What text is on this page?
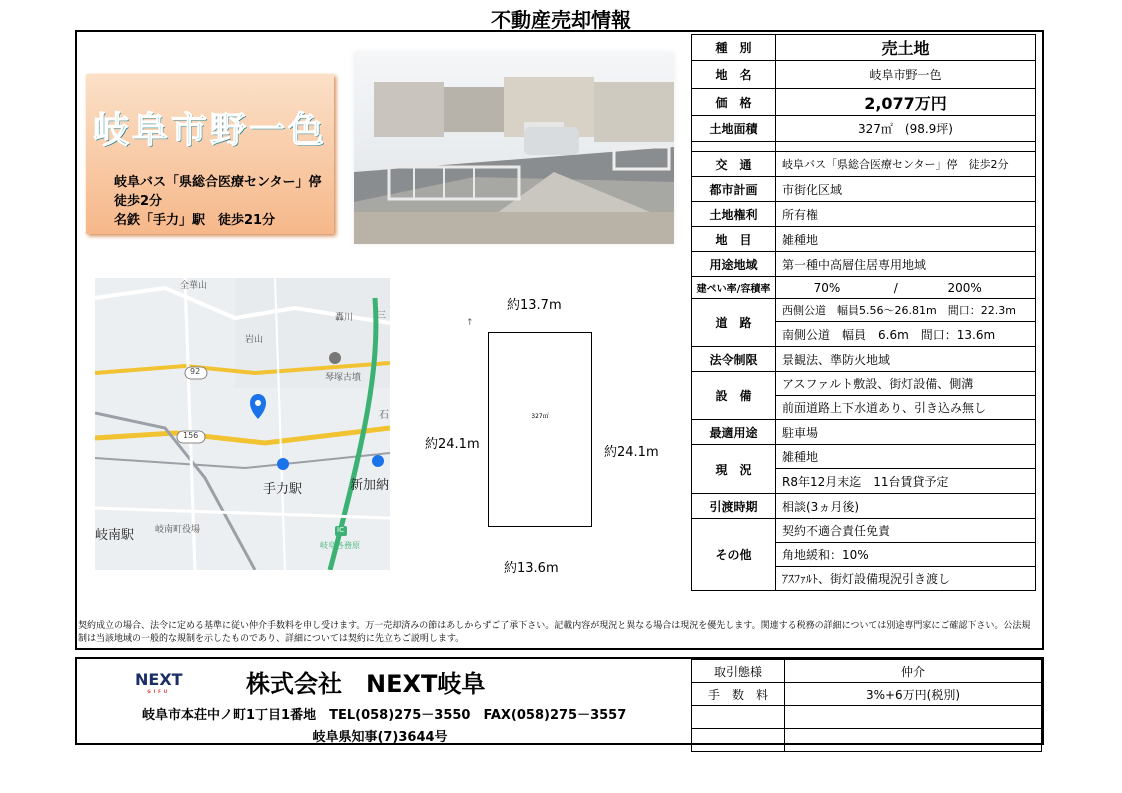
不動産売却情報
岐阜市野一色
岐阜バス「県総合医療センター」停
徒歩2分
名鉄「手力」駅　徒歩21分
全華山
岩山
琴塚古墳
92
156
手力駅	新加納
岐南駅 岐南町役場
岐阜各務原
IC
轟川	三
石
↑
327㎡
約13.7m
約13.6m
約24.1m
約24.1m
種　別	売土地
地　名	岐阜市野一色
価　格	2,077万円
土地面積	327㎡　(98.9坪)

交　通	岐阜バス「県総合医療センター」停　徒歩2分
都市計画	市街化区域
土地権利	所有権
地　目	雑種地
用途地域	第一種中高層住居専用地域
建ぺい率/容積率	70% / 200%
道　路	西側公道　幅員5.56〜26.81m　間口：22.3m
	南側公道　幅員　6.6m　間口：13.6m
法令制限	景観法、準防火地域
設　備	アスファルト敷設、街灯設備、側溝
	前面道路上下水道あり、引き込み無し
最適用途	駐車場
現　況	雑種地
	R8年12月末迄　11台賃貸予定
引渡時期	相談(3ヵ月後)
その他	契約不適合責任免責
	角地緩和：10%
	ｱｽﾌｧﾙﾄ、街灯設備現況引き渡し
契約成立の場合、法令に定める基準に従い仲介手数料を申し受けます。万一売却済みの節はあしからずご了承下さい。記載内容が現況と異なる場合は現況を優先します。関連する税務の詳細については別途専門家にご確認下さい。公法規制は当該地域の一般的な規制を示したものであり、詳細については契約に先立ちご説明します。
NEXT
GIFU	株式会社　NEXT岐阜
岐阜市本荘中ノ町1丁目1番地　TEL(058)275－3550　FAX(058)275－3557
岐阜県知事(7)3644号
取引態様	仲介
手　数　料	3%+6万円(税別)
